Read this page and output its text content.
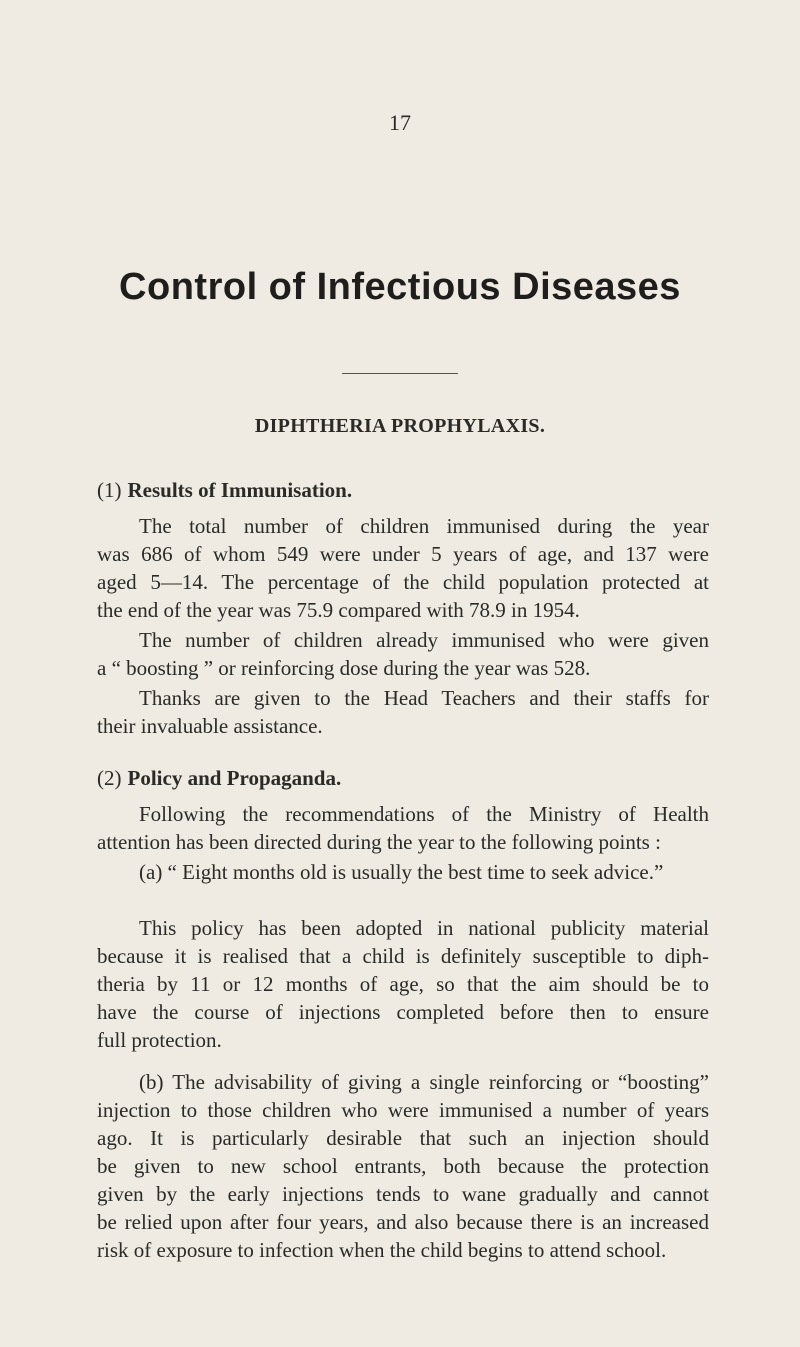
17
Control of Infectious Diseases
DIPHTHERIA PROPHYLAXIS.
(1) Results of Immunisation.
The total number of children immunised during the year
was 686 of whom 549 were under 5 years of age, and 137 were
aged 5—14. The percentage of the child population protected at
the end of the year was 75.9 compared with 78.9 in 1954.
The number of children already immunised who were given
a “ boosting ” or reinforcing dose during the year was 528.
Thanks are given to the Head Teachers and their staffs for
their invaluable assistance.
(2) Policy and Propaganda.
Following the recommendations of the Ministry of Health
attention has been directed during the year to the following points :
(a) “ Eight months old is usually the best time to seek advice.”
This policy has been adopted in national publicity material
because it is realised that a child is definitely susceptible to diph-
theria by 11 or 12 months of age, so that the aim should be to
have the course of injections completed before then to ensure
full protection.
(b) The advisability of giving a single reinforcing or “boosting”
injection to those children who were immunised a number of years
ago. It is particularly desirable that such an injection should
be given to new school entrants, both because the protection
given by the early injections tends to wane gradually and cannot
be relied upon after four years, and also because there is an increased
risk of exposure to infection when the child begins to attend school.
